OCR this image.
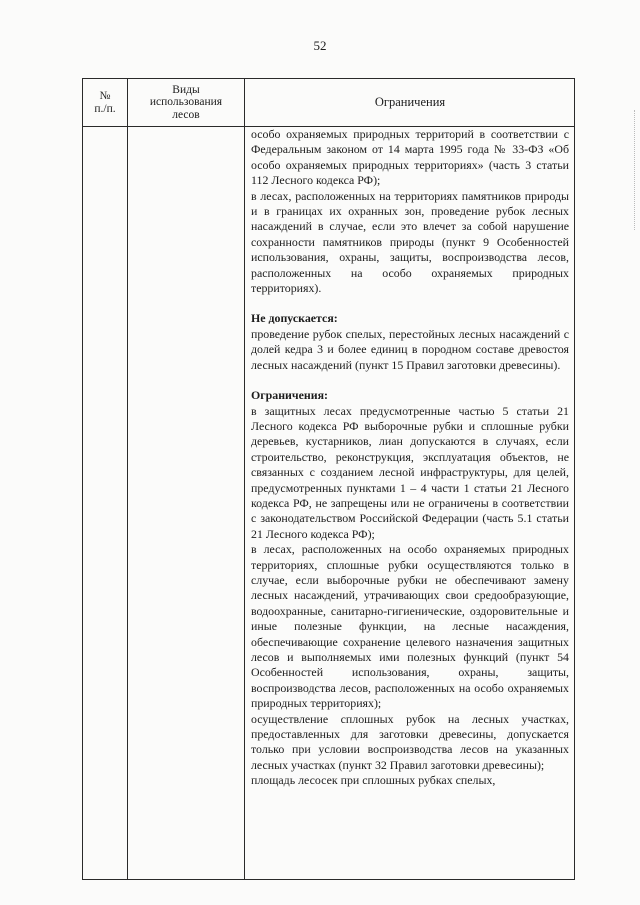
52
№
п./п.
Виды
использования
лесов
Ограничения

особо охраняемых природных территорий в соответствии с Федеральным законом от 14 марта 1995 года № 33-ФЗ «Об особо охраняемых природных территориях» (часть 3 статьи 112 Лесного кодекса РФ);

в лесах, расположенных на территориях памятников природы и в границах их охранных зон, проведение рубок лесных насаждений в случае, если это влечет за собой нарушение сохранности памятников природы (пункт 9 Особенностей использования, охраны, защиты, воспроизводства лесов, расположенных на особо охраняемых природных территориях).

Не допускается:

проведение рубок спелых, перестойных лесных насаждений с долей кедра 3 и более единиц в породном составе древостоя лесных насаждений (пункт 15 Правил заготовки древесины).

Ограничения:

в защитных лесах предусмотренные частью 5 статьи 21 Лесного кодекса РФ выборочные рубки и сплошные рубки деревьев, кустарников, лиан допускаются в случаях, если строительство, реконструкция, эксплуатация объектов, не связанных с созданием лесной инфраструктуры, для целей, предусмотренных пунктами 1 – 4 части 1 статьи 21 Лесного кодекса РФ, не запрещены или не ограничены в соответствии с законодательством Российской Федерации (часть 5.1 статьи 21 Лесного кодекса РФ);

в лесах, расположенных на особо охраняемых природных территориях, сплошные рубки осуществляются только в случае, если выборочные рубки не обеспечивают замену лесных насаждений, утрачивающих свои средообразующие, водоохранные, санитарно-гигиенические, оздоровительные и иные полезные функции, на лесные насаждения, обеспечивающие сохранение целевого назначения защитных лесов и выполняемых ими полезных функций (пункт 54 Особенностей использования, охраны, защиты, воспроизводства лесов, расположенных на особо охраняемых природных территориях);

осуществление сплошных рубок на лесных участках, предоставленных для заготовки древесины, допускается только при условии воспроизводства лесов на указанных лесных участках (пункт 32 Правил заготовки древесины);

площадь лесосек при сплошных рубках спелых,
